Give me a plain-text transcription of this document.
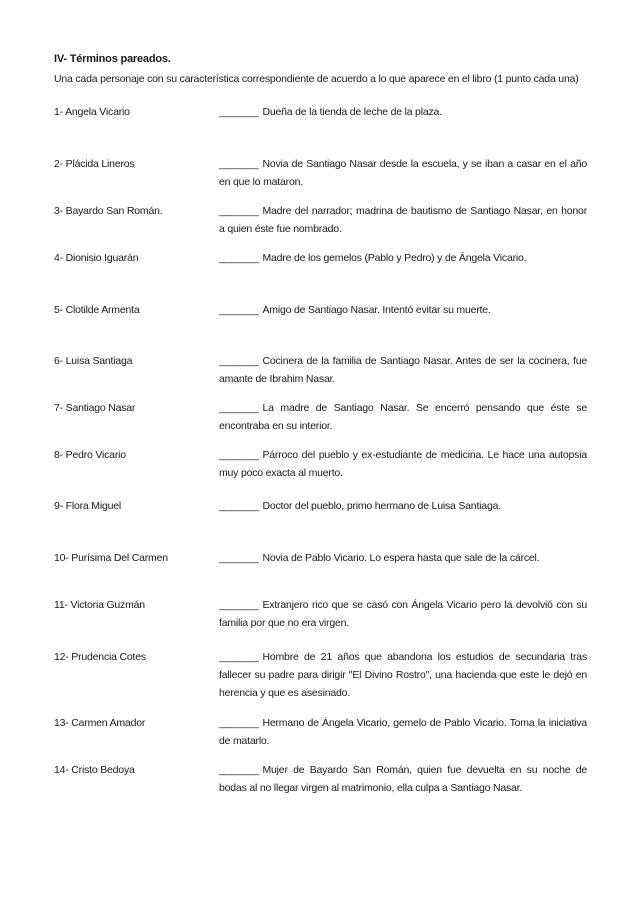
IV- Términos pareados.
Una cada personaje con su característica correspondiente de acuerdo a lo que aparece en el libro (1 punto cada una)
1- Angela Vicario	_______ Dueña de la tienda de leche de la plaza.
2- Plácida Lineros	_______ Novia de Santiago Nasar desde la escuela, y se iban a casar en el año en que lo mataron.
3- Bayardo San Román.	_______ Madre del narrador; madrina de bautismo de Santiago Nasar, en honor a quien éste fue nombrado.
4- Dionisio Iguarán	_______ Madre de los gemelos (Pablo y Pedro) y de Ángela Vicario.
5- Clotilde Armenta	_______ Amigo de Santiago Nasar. Intentó evitar su muerte.
6- Luisa Santiaga	_______ Cocinera de la familia de Santiago Nasar. Antes de ser la cocinera, fue amante de Ibrahim Nasar.
7- Santiago Nasar	_______ La madre de Santiago Nasar. Se encerró pensando que éste se encontraba en su interior.
8- Pedro Vicario	_______ Párroco del pueblo y ex-estudiante de medicina. Le hace una autopsia muy poco exacta al muerto.
9- Flora Miguel	_______ Doctor del pueblo, primo hermano de Luisa Santiaga.
10- Purísima Del Carmen	_______ Novia de Pablo Vicario. Lo espera hasta que sale de la cárcel.
11- Victoria Guzmán	_______ Extranjero rico que se casó con Ángela Vicario pero la devolvió con su familia por que no era virgen.
12- Prudencia Cotes	_______ Hombre de 21 años que abandona los estudios de secundaria tras fallecer su padre para dirigir "El Divino Rostro", una hacienda que este le dejó en herencia y que es asesinado.
13- Carmen Amador	_______ Hermano de Ángela Vicario, gemelo de Pablo Vicario. Toma la iniciativa de matarlo.
14- Cristo Bedoya	_______ Mujer de Bayardo San Román, quien fue devuelta en su noche de bodas al no llegar virgen al matrimonio, ella culpa a Santiago Nasar.
